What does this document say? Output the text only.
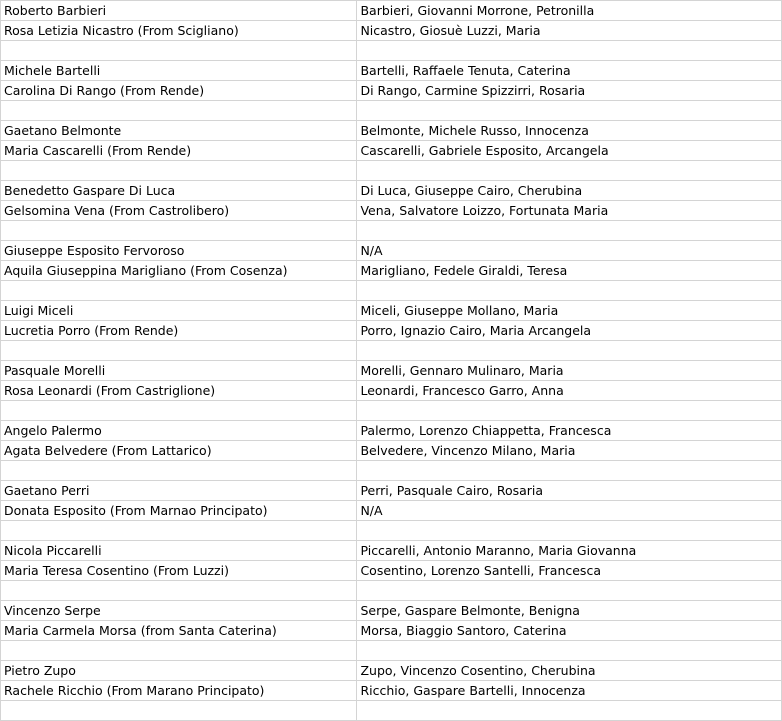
Roberto Barbieri	Barbieri, Giovanni Morrone, Petronilla
Rosa Letizia Nicastro (From Scigliano)	Nicastro, Giosuè Luzzi, Maria

Michele Bartelli	Bartelli, Raffaele Tenuta, Caterina
Carolina Di Rango (From Rende)	Di Rango, Carmine Spizzirri, Rosaria

Gaetano Belmonte	Belmonte, Michele Russo, Innocenza
Maria Cascarelli (From Rende)	Cascarelli, Gabriele Esposito, Arcangela

Benedetto Gaspare Di Luca	Di Luca, Giuseppe Cairo, Cherubina
Gelsomina Vena (From Castrolibero)	Vena, Salvatore Loizzo, Fortunata Maria

Giuseppe Esposito Fervoroso	N/A
Aquila Giuseppina Marigliano (From Cosenza)	Marigliano, Fedele Giraldi, Teresa

Luigi Miceli	Miceli, Giuseppe Mollano, Maria
Lucretia Porro (From Rende)	Porro, Ignazio Cairo, Maria Arcangela

Pasquale Morelli	Morelli, Gennaro Mulinaro, Maria
Rosa Leonardi (From Castriglione)	Leonardi, Francesco Garro, Anna

Angelo Palermo	Palermo, Lorenzo Chiappetta, Francesca
Agata Belvedere (From Lattarico)	Belvedere, Vincenzo Milano, Maria

Gaetano Perri	Perri, Pasquale Cairo, Rosaria
Donata Esposito (From Marnao Principato)	N/A

Nicola Piccarelli	Piccarelli, Antonio Maranno, Maria Giovanna
Maria Teresa Cosentino (From Luzzi)	Cosentino, Lorenzo Santelli, Francesca

Vincenzo Serpe	Serpe, Gaspare Belmonte, Benigna
Maria Carmela Morsa (from Santa Caterina)	Morsa, Biaggio Santoro, Caterina

Pietro Zupo	Zupo, Vincenzo Cosentino, Cherubina
Rachele Ricchio (From Marano Principato)	Ricchio, Gaspare Bartelli, Innocenza
